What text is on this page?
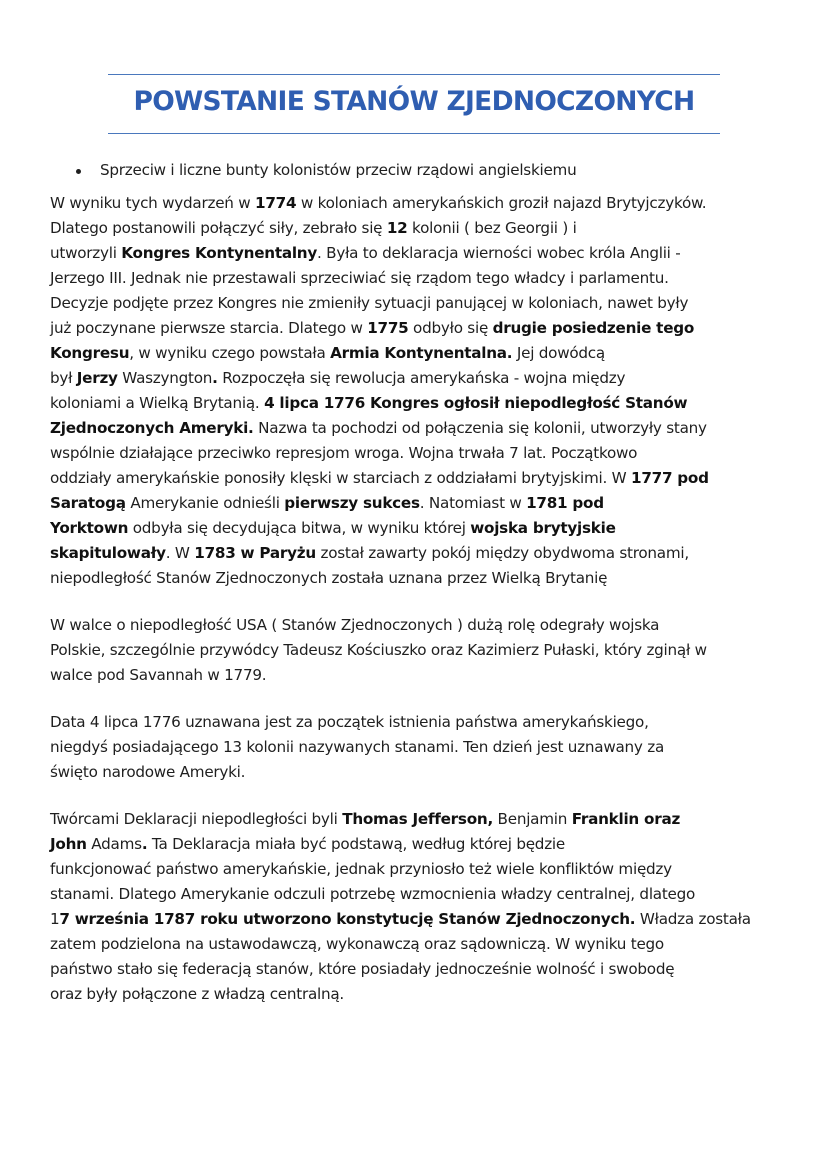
POWSTANIE STANÓW ZJEDNOCZONYCH
Sprzeciw i liczne bunty kolonistów przeciw rządowi angielskiemu
W wyniku tych wydarzeń w 1774 w koloniach amerykańskich groził najazd Brytyjczyków.
Dlatego postanowili połączyć siły, zebrało się 12 kolonii ( bez Georgii ) i
utworzyli Kongres Kontynentalny. Była to deklaracja wierności wobec króla Anglii -
Jerzego III. Jednak nie przestawali sprzeciwiać się rządom tego władcy i parlamentu.
Decyzje podjęte przez Kongres nie zmieniły sytuacji panującej w koloniach, nawet były
już poczynane pierwsze starcia. Dlatego w 1775 odbyło się drugie posiedzenie tego
Kongresu, w wyniku czego powstała Armia Kontynentalna. Jej dowódcą
był Jerzy Waszyngton. Rozpoczęła się rewolucja amerykańska - wojna między
koloniami a Wielką Brytanią. 4 lipca 1776 Kongres ogłosił niepodległość Stanów
Zjednoczonych Ameryki. Nazwa ta pochodzi od połączenia się kolonii, utworzyły stany
wspólnie działające przeciwko represjom wroga. Wojna trwała 7 lat. Początkowo
oddziały amerykańskie ponosiły klęski w starciach z oddziałami brytyjskimi. W 1777 pod
Saratogą Amerykanie odnieśli pierwszy sukces. Natomiast w 1781 pod
Yorktown odbyła się decydująca bitwa, w wyniku której wojska brytyjskie
skapitulowały. W 1783 w Paryżu został zawarty pokój między obydwoma stronami,
niepodległość Stanów Zjednoczonych została uznana przez Wielką Brytanię
W walce o niepodległość USA ( Stanów Zjednoczonych ) dużą rolę odegrały wojska
Polskie, szczególnie przywódcy Tadeusz Kościuszko oraz Kazimierz Pułaski, który zginął w
walce pod Savannah w 1779.
Data 4 lipca 1776 uznawana jest za początek istnienia państwa amerykańskiego,
niegdyś posiadającego 13 kolonii nazywanych stanami. Ten dzień jest uznawany za
święto narodowe Ameryki.
Twórcami Deklaracji niepodległości byli Thomas Jefferson, Benjamin Franklin oraz
John Adams. Ta Deklaracja miała być podstawą, według której będzie
funkcjonować państwo amerykańskie, jednak przyniosło też wiele konfliktów między
stanami. Dlatego Amerykanie odczuli potrzebę wzmocnienia władzy centralnej, dlatego
17 września 1787 roku utworzono konstytucję Stanów Zjednoczonych. Władza została
zatem podzielona na ustawodawczą, wykonawczą oraz sądowniczą. W wyniku tego
państwo stało się federacją stanów, które posiadały jednocześnie wolność i swobodę
oraz były połączone z władzą centralną.
